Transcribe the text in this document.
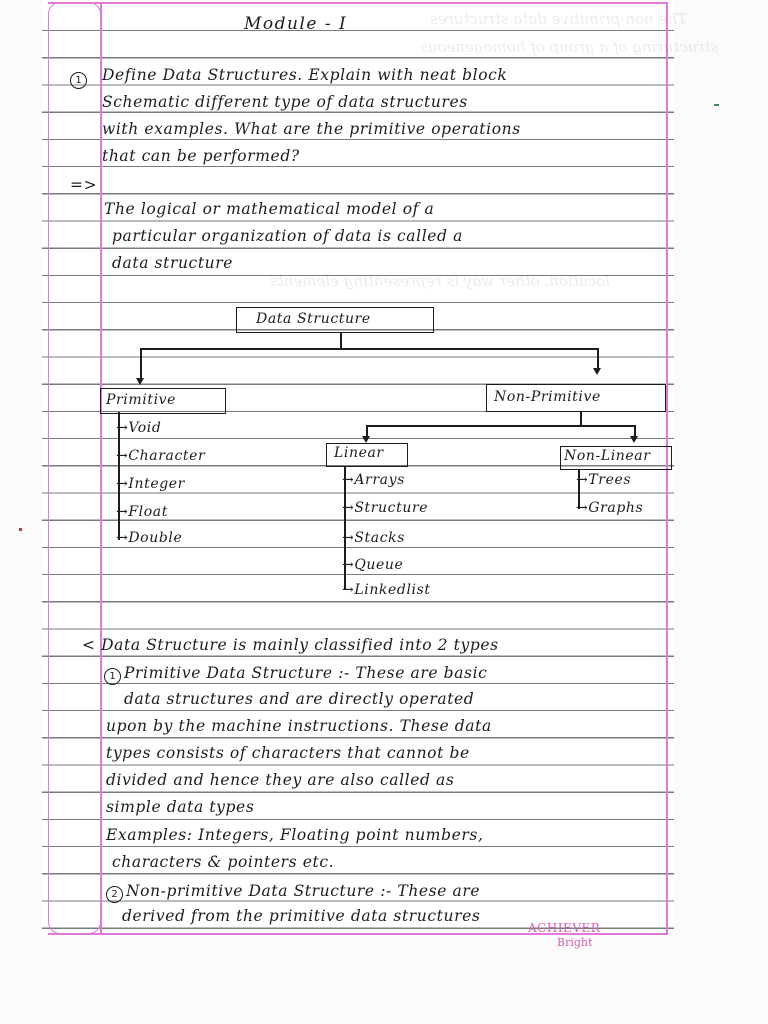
The non-primitive data structures
structuring of a group of homogeneous
location. other way is representing elements
Module - I
1	Define Data Structures. Explain with neat block
Schematic different type of data structures
with examples. What are the primitive operations
that can be performed?
=>
The logical or mathematical model of a
particular organization of data is called a
data structure
Data Structure
Primitive	Non-Primitive
→Void
→Character
→Integer
→Float
→Double
Linear	Non-Linear
→Arrays
→Structure
→Stacks
→Queue
→Linkedlist
→Trees
→Graphs
< Data Structure is mainly classified into 2 types
1 Primitive Data Structure :- These are basic
data structures and are directly operated
upon by the machine instructions. These data
types consists of characters that cannot be
divided and hence they are also called as
simple data types
Examples: Integers, Floating point numbers,
characters & pointers etc.
2 Non-primitive Data Structure :- These are
derived from the primitive data structures
ACHIEVER
Bright
